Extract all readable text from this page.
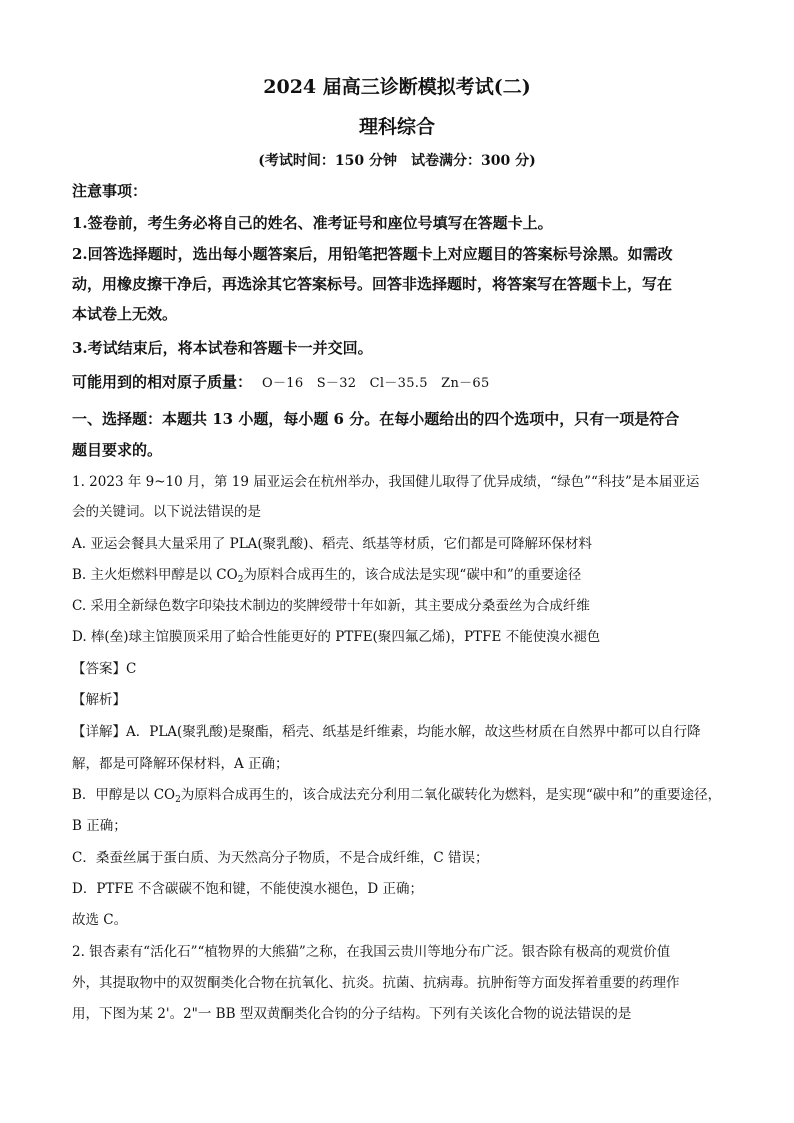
2024 届高三诊断模拟考试(二)
理科综合
(考试时间：150 分钟　试卷满分：300 分)
注意事项：
1.签卷前，考生务必将自己的姓名、准考证号和座位号填写在答题卡上。
2.回答选择题时，选出每小题答案后，用铅笔把答题卡上对应题目的答案标号涂黑。如需改
动，用橡皮擦干净后，再选涂其它答案标号。回答非选择题时，将答案写在答题卡上，写在
本试卷上无效。
3.考试结束后，将本试卷和答题卡一并交回。
可能用到的相对原子质量： O－16　S－32　Cl－35.5　Zn－65
一、选择题：本题共 13 小题，每小题 6 分。在每小题给出的四个选项中，只有一项是符合
题目要求的。
1. 2023 年 9~10 月，第 19 届亚运会在杭州举办，我国健儿取得了优异成绩，“绿色”“科技”是本届亚运
会的关键词。以下说法错误的是
A. 亚运会餐具大量采用了 PLA(聚乳酸)、稻壳、纸基等材质，它们都是可降解环保材料
B. 主火炬燃料甲醇是以 $CO_2$为原料合成再生的，该合成法是实现“碳中和”的重要途径
C. 采用全新绿色数字印染技术制边的奖牌绶带十年如新，其主要成分桑蚕丝为合成纤维
D. 棒(垒)球主馆膜顶采用了蛤合性能更好的 PTFE(聚四氟乙烯)，PTFE 不能使溴水褪色
【答案】C
【解析】
【详解】A．PLA(聚乳酸)是聚酯，稻壳、纸基是纤维素，均能水解，故这些材质在自然界中都可以自行降
解，都是可降解环保材料，A 正确；
B．甲醇是以 $CO_2$为原料合成再生的，该合成法充分利用二氧化碳转化为燃料，是实现“碳中和”的重要途径，
B 正确；
C．桑蚕丝属于蛋白质、为天然高分子物质，不是合成纤维，C 错误；
D．PTFE 不含碳碳不饱和键，不能使溴水褪色，D 正确；
故选 C。
2. 银杏素有“活化石”“植物界的大熊猫”之称，在我国云贵川等地分布广泛。银杏除有极高的观赏价值
外，其提取物中的双贺酮类化合物在抗氧化、抗炎。抗菌、抗病毒。抗肿衔等方面发挥着重要的药理作
用，下图为某 2'。2"一 BB 型双黄酮类化合钧的分子结构。下列有关该化合物的说法错误的是
